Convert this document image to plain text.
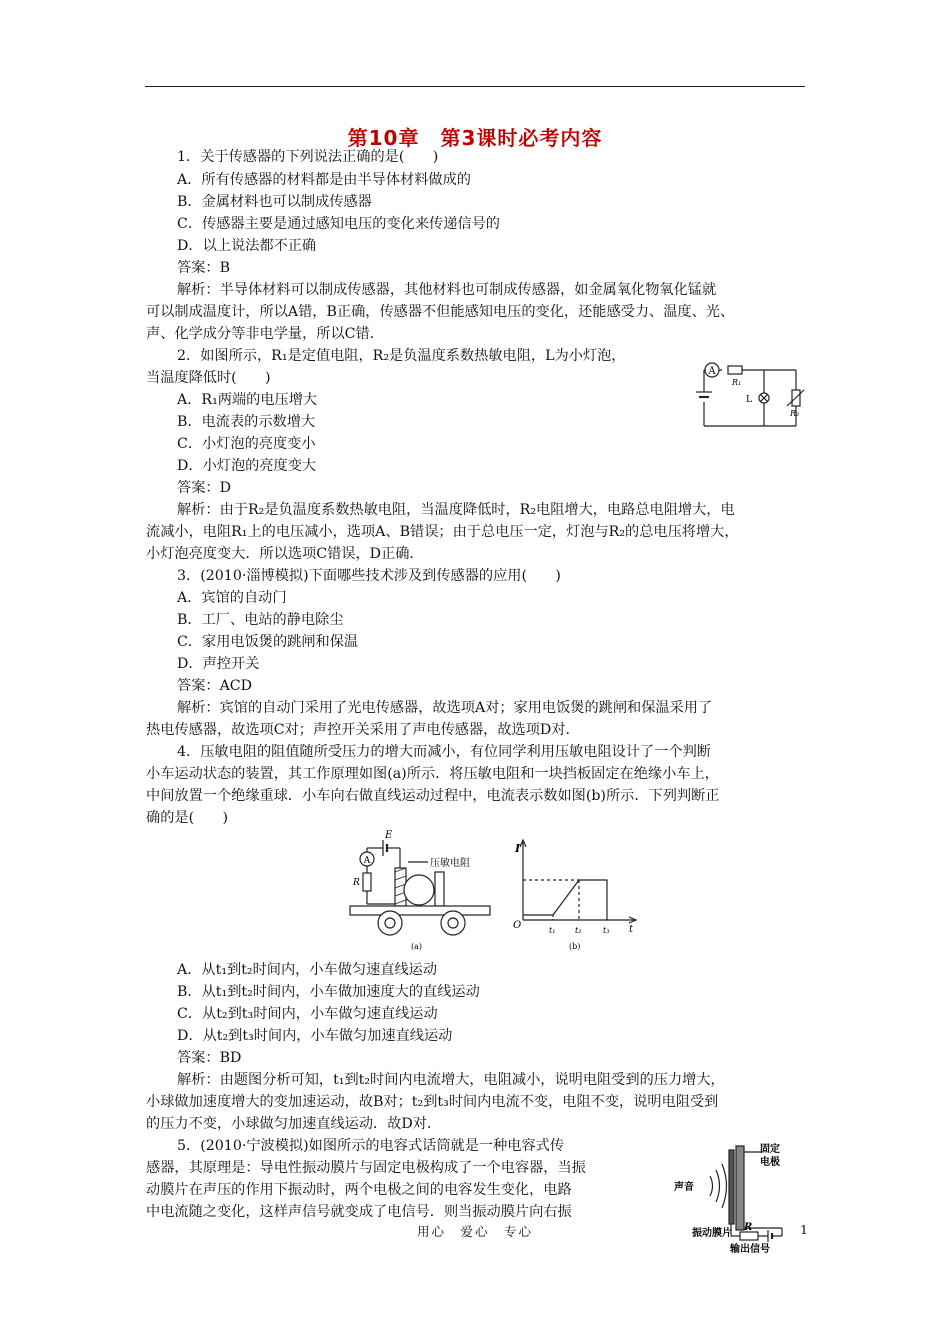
第10章　第3课时必考内容
1．关于传感器的下列说法正确的是(　　)
A．所有传感器的材料都是由半导体材料做成的
B．金属材料也可以制成传感器
C．传感器主要是通过感知电压的变化来传递信号的
D．以上说法都不正确
答案：B
解析：半导体材料可以制成传感器，其他材料也可制成传感器，如金属氧化物氧化锰就
可以制成温度计，所以A错，B正确，传感器不但能感知电压的变化，还能感受力、温度、光、
声、化学成分等非电学量，所以C错．
2．如图所示，R₁是定值电阻，R₂是负温度系数热敏电阻，L为小灯泡，
当温度降低时(　　)
A．R₁两端的电压增大
B．电流表的示数增大
C．小灯泡的亮度变小
D．小灯泡的亮度变大
答案：D
解析：由于R₂是负温度系数热敏电阻，当温度降低时，R₂电阻增大，电路总电阻增大，电
流减小，电阻R₁上的电压减小，选项A、B错误；由于总电压一定，灯泡与R₂的总电压将增大，
小灯泡亮度变大．所以选项C错误，D正确．
A
R₁
L
R₂
3．(2010·淄博模拟)下面哪些技术涉及到传感器的应用(　　)
A．宾馆的自动门
B．工厂、电站的静电除尘
C．家用电饭煲的跳闸和保温
D．声控开关
答案：ACD
解析：宾馆的自动门采用了光电传感器，故选项A对；家用电饭煲的跳闸和保温采用了
热电传感器，故选项C对；声控开关采用了声电传感器，故选项D对．
4．压敏电阻的阻值随所受压力的增大而减小，有位同学利用压敏电阻设计了一个判断
小车运动状态的装置，其工作原理如图(a)所示．将压敏电阻和一块挡板固定在绝缘小车上，
中间放置一个绝缘重球．小车向右做直线运动过程中，电流表示数如图(b)所示．下列判断正
确的是(　　)
E
A
R
压敏电阻
(a)
I
O	t₁ t₂	t₃ t
(b)
A．从t₁到t₂时间内，小车做匀速直线运动
B．从t₁到t₂时间内，小车做加速度大的直线运动
C．从t₂到t₃时间内，小车做匀速直线运动
D．从t₂到t₃时间内，小车做匀加速直线运动
答案：BD
解析：由题图分析可知，t₁到t₂时间内电流增大，电阻减小，说明电阻受到的压力增大，
小球做加速度增大的变加速运动，故B对；t₂到t₃时间内电流不变，电阻不变，说明电阻受到
的压力不变，小球做匀加速直线运动．故D对．
5．(2010·宁波模拟)如图所示的电容式话筒就是一种电容式传
感器，其原理是：导电性振动膜片与固定电极构成了一个电容器，当振
动膜片在声压的作用下振动时，两个电极之间的电容发生变化，电路
中电流随之变化，这样声信号就变成了电信号．则当振动膜片向右振
固定
电极
声音
振动膜片
R
输出信号
用心　爱心　专心	1
